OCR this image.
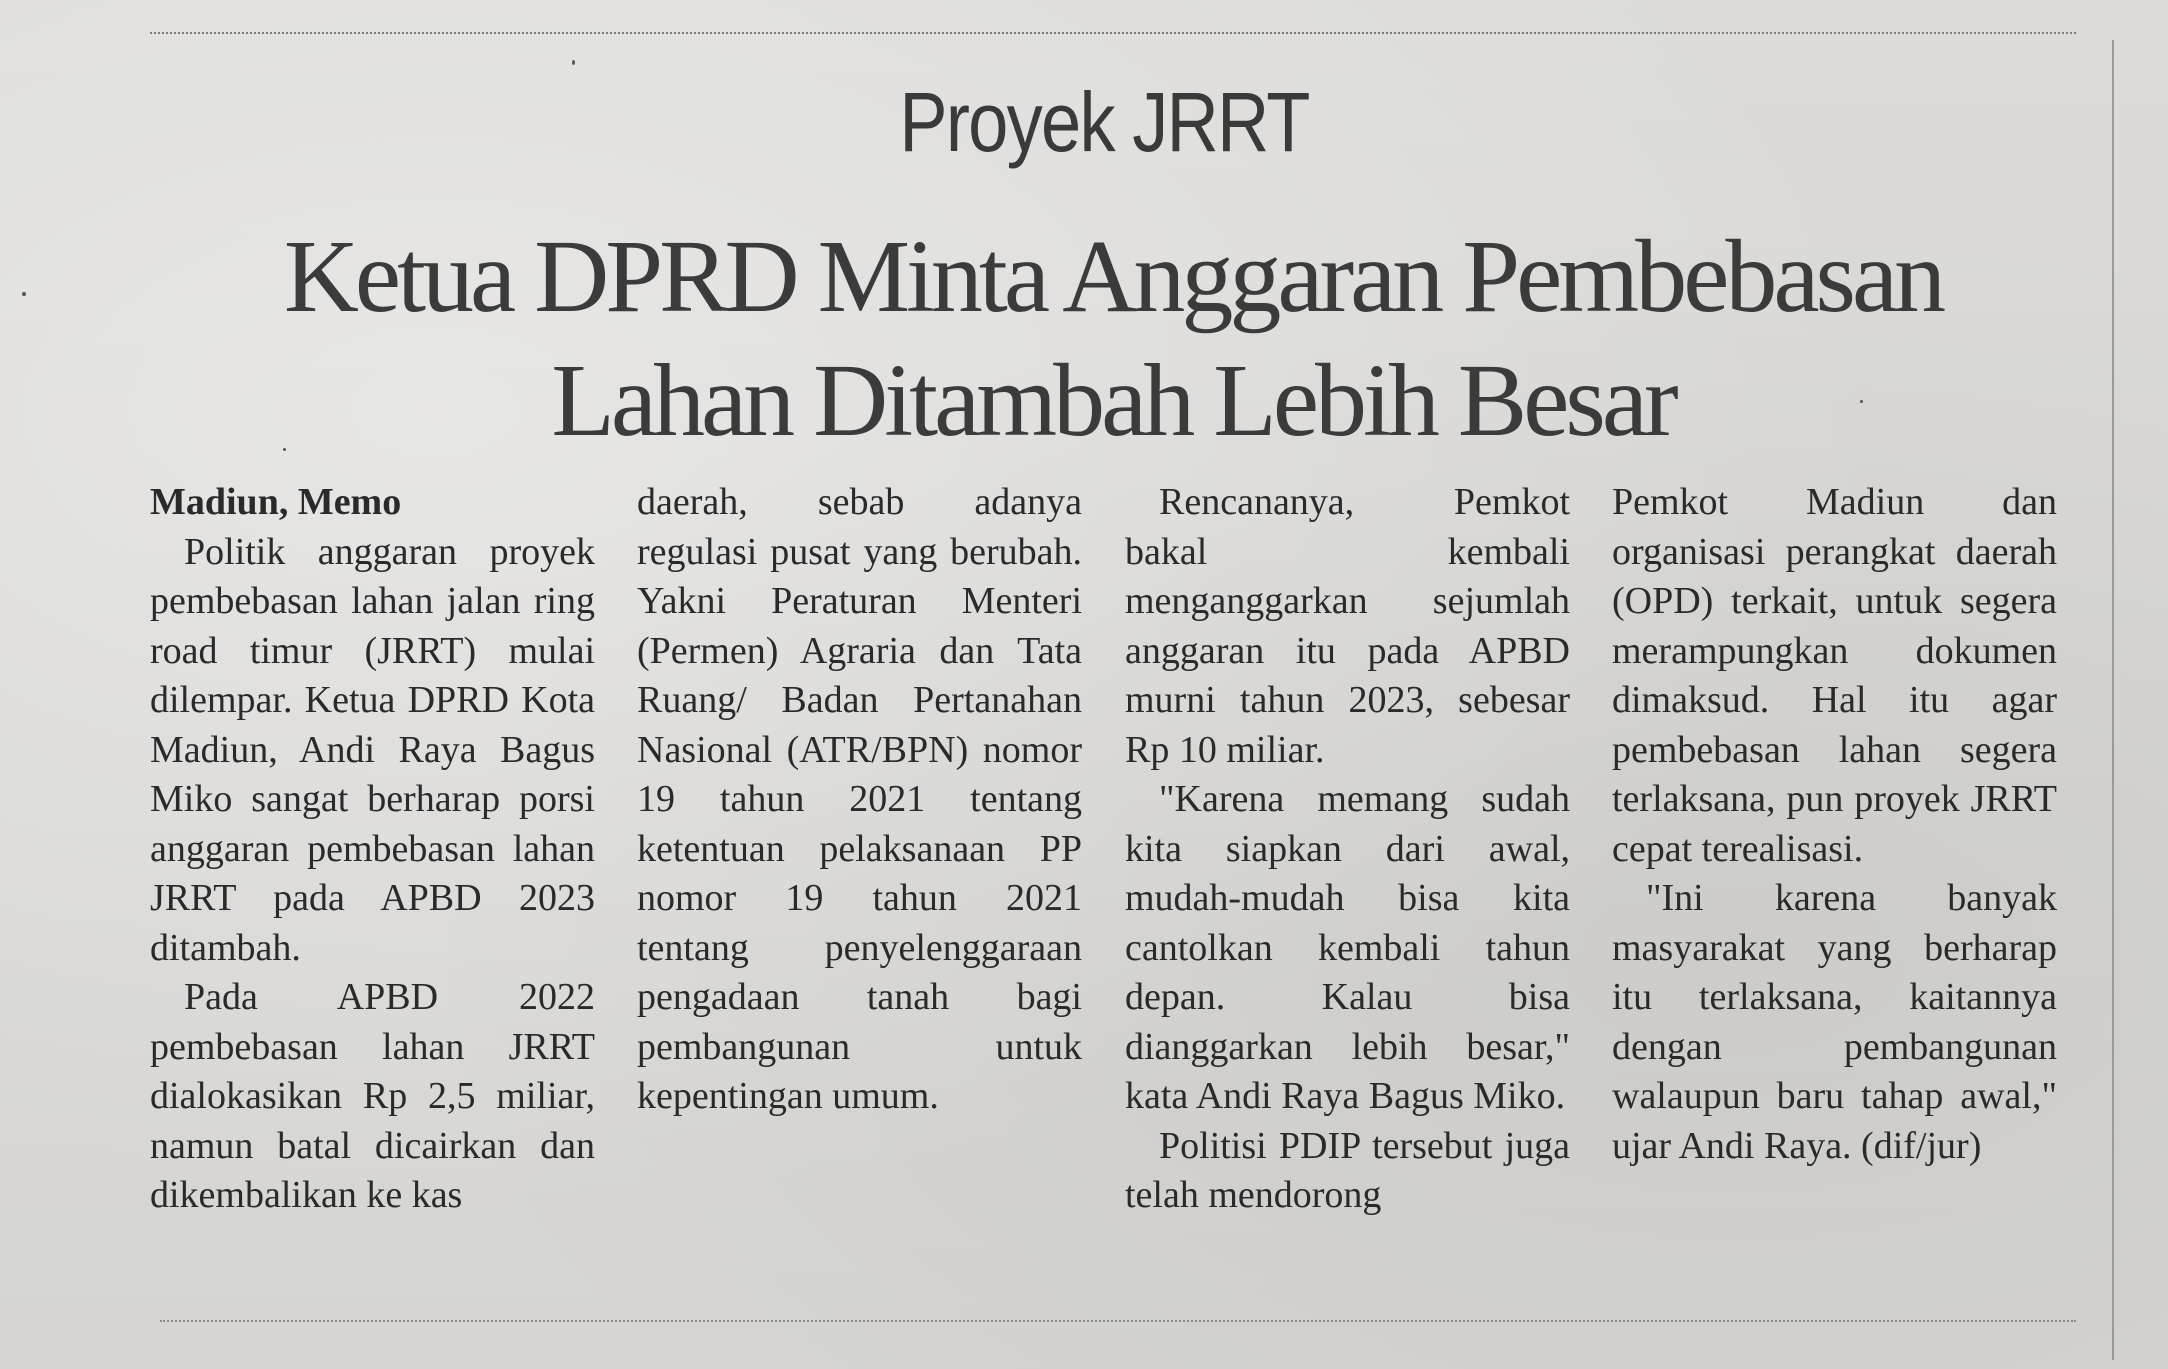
Proyek JRRT
Ketua DPRD Minta Anggaran Pembebasan
Lahan Ditambah Lebih Besar
Madiun, Memo

Politik anggaran proyek pembebasan lahan jalan ring road timur (JRRT) mulai dilempar. Ketua DPRD Kota Madiun, Andi Raya Bagus Miko sangat berharap porsi anggaran pembebasan lahan JRRT pada APBD 2023 ditambah.

Pada APBD 2022 pembebasan lahan JRRT dialokasikan Rp 2,5 miliar, namun batal dicairkan dan dikembalikan ke kas

daerah, sebab adanya regulasi pusat yang berubah. Yakni Peraturan Menteri (Permen) Agraria dan Tata Ruang/ Badan Pertanahan Nasional (ATR/BPN) nomor 19 tahun 2021 tentang ketentuan pelaksanaan PP nomor 19 tahun 2021 tentang penyelenggaraan pengadaan tanah bagi pembangunan untuk kepentingan umum.

Rencananya, Pemkot bakal kembali menganggarkan sejumlah anggaran itu pada APBD murni tahun 2023, sebesar Rp 10 miliar.

"Karena memang sudah kita siapkan dari awal, mudah-mudah bisa kita cantolkan kembali tahun depan. Kalau bisa dianggarkan lebih besar," kata Andi Raya Bagus Miko.

Politisi PDIP tersebut juga telah mendorong

Pemkot Madiun dan organisasi perangkat daerah (OPD) terkait, untuk segera merampungkan dokumen dimaksud. Hal itu agar pembebasan lahan segera terlaksana, pun proyek JRRT cepat terealisasi.

"Ini karena banyak masyarakat yang berharap itu terlaksana, kaitannya dengan pembangunan walaupun baru tahap awal," ujar Andi Raya. (dif/jur)
